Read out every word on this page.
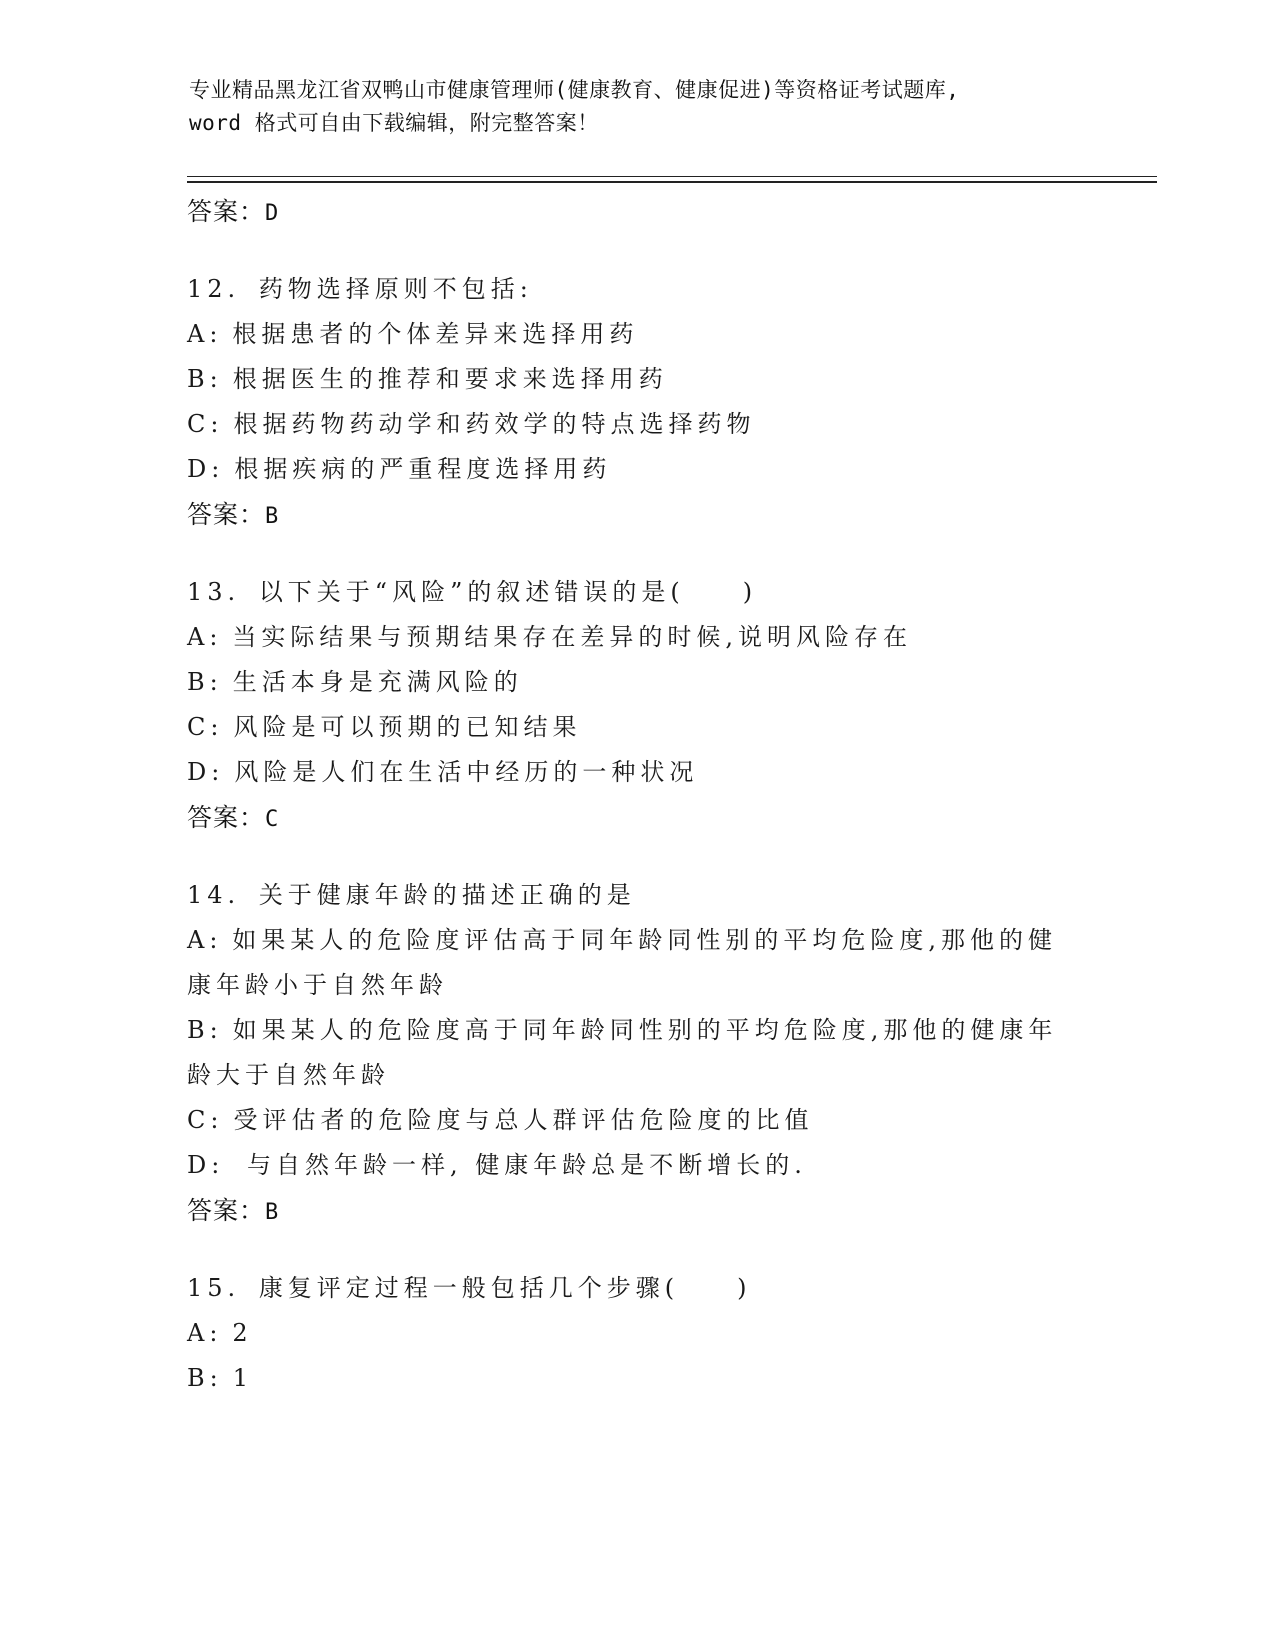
专业精品黑龙江省双鸭山市健康管理师(健康教育、健康促进)等资格证考试题库,
word 格式可自由下载编辑，附完整答案！
答案：D
12. 药物选择原则不包括:
A: 根据患者的个体差异来选择用药
B: 根据医生的推荐和要求来选择用药
C: 根据药物药动学和药效学的特点选择药物
D: 根据疾病的严重程度选择用药
答案：B
13. 以下关于“风险”的叙述错误的是(　　)
A: 当实际结果与预期结果存在差异的时候,说明风险存在
B: 生活本身是充满风险的
C: 风险是可以预期的已知结果
D: 风险是人们在生活中经历的一种状况
答案：C
14. 关于健康年龄的描述正确的是
A: 如果某人的危险度评估高于同年龄同性别的平均危险度,那他的健
康年龄小于自然年龄
B: 如果某人的危险度高于同年龄同性别的平均危险度,那他的健康年
龄大于自然年龄
C: 受评估者的危险度与总人群评估危险度的比值
D: 与自然年龄一样, 健康年龄总是不断增长的.
答案：B
15. 康复评定过程一般包括几个步骤(　　)
A: 2
B: 1
